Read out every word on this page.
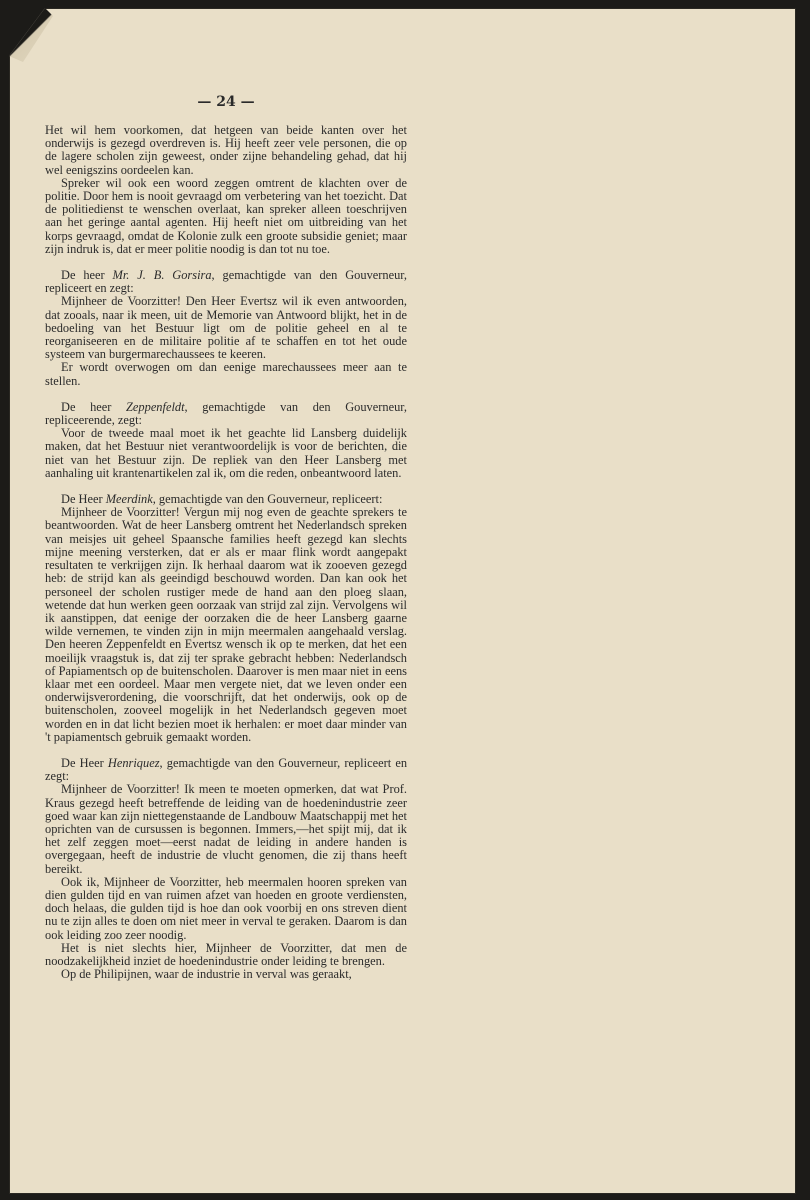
— 24 —

Het wil hem voorkomen, dat hetgeen van beide kanten over het onderwijs is gezegd overdreven is. Hij heeft zeer vele personen, die op de lagere scholen zijn geweest, onder zijne behandeling gehad, dat hij wel eenigszins oordeelen kan.

Spreker wil ook een woord zeggen omtrent de klachten over de politie. Door hem is nooit gevraagd om verbetering van het toezicht. Dat de politiedienst te wenschen overlaat, kan spreker alleen toeschrijven aan het geringe aantal agenten. Hij heeft niet om uitbreiding van het korps gevraagd, omdat de Kolonie zulk een groote subsidie geniet; maar zijn indruk is, dat er meer politie noodig is dan tot nu toe.

De heer Mr. J. B. Gorsira, gemachtigde van den Gouverneur, repliceert en zegt:

Mijnheer de Voorzitter! Den Heer Evertsz wil ik even antwoorden, dat zooals, naar ik meen, uit de Memorie van Antwoord blijkt, het in de bedoeling van het Bestuur ligt om de politie geheel en al te reorganiseeren en de militaire politie af te schaffen en tot het oude systeem van burgermarechaussees te keeren.

Er wordt overwogen om dan eenige marechaussees meer aan te stellen.

De heer Zeppenfeldt, gemachtigde van den Gouverneur, repliceerende, zegt:

Voor de tweede maal moet ik het geachte lid Lansberg duidelijk maken, dat het Bestuur niet verantwoordelijk is voor de berichten, die niet van het Bestuur zijn. De repliek van den Heer Lansberg met aanhaling uit krantenartikelen zal ik, om die reden, onbeantwoord laten.

De Heer Meerdink, gemachtigde van den Gouverneur, repliceert:

Mijnheer de Voorzitter! Vergun mij nog even de geachte sprekers te beantwoorden. Wat de heer Lansberg omtrent het Nederlandsch spreken van meisjes uit geheel Spaansche families heeft gezegd kan slechts mijne meening versterken, dat er als er maar flink wordt aangepakt resultaten te verkrijgen zijn. Ik herhaal daarom wat ik zooeven gezegd heb: de strijd kan als geeindigd beschouwd worden. Dan kan ook het personeel der scholen rustiger mede de hand aan den ploeg slaan, wetende dat hun werken geen oorzaak van strijd zal zijn. Vervolgens wil ik aanstippen, dat eenige der oorzaken die de heer Lansberg gaarne wilde vernemen, te vinden zijn in mijn meermalen aangehaald verslag. Den heeren Zeppenfeldt en Evertsz wensch ik op te merken, dat het een moeilijk vraagstuk is, dat zij ter sprake gebracht hebben: Nederlandsch of Papiamentsch op de buitenscholen. Daarover is men maar niet in eens klaar met een oordeel. Maar men vergete niet, dat we leven onder een onderwijsverordening, die voorschrijft, dat het onderwijs, ook op de buitenscholen, zooveel mogelijk in het Nederlandsch gegeven moet worden en in dat licht bezien moet ik herhalen: er moet daar minder van 't papiamentsch gebruik gemaakt worden.

De Heer Henriquez, gemachtigde van den Gouverneur, repliceert en zegt:

Mijnheer de Voorzitter! Ik meen te moeten opmerken, dat wat Prof. Kraus gezegd heeft betreffende de leiding van de hoedenindustrie zeer goed waar kan zijn niettegenstaande de Landbouw Maatschappij met het oprichten van de cursussen is begonnen. Immers,—het spijt mij, dat ik het zelf zeggen moet—eerst nadat de leiding in andere handen is overgegaan, heeft de industrie de vlucht genomen, die zij thans heeft bereikt.

Ook ik, Mijnheer de Voorzitter, heb meermalen hooren spreken van dien gulden tijd en van ruimen afzet van hoeden en groote verdiensten, doch helaas, die gulden tijd is hoe dan ook voorbij en ons streven dient nu te zijn alles te doen om niet meer in verval te geraken. Daarom is dan ook leiding zoo zeer noodig.

Het is niet slechts hier, Mijnheer de Voorzitter, dat men de noodzakelijkheid inziet de hoedenindustrie onder leiding te brengen.

Op de Philipijnen, waar de industrie in verval was geraakt,
